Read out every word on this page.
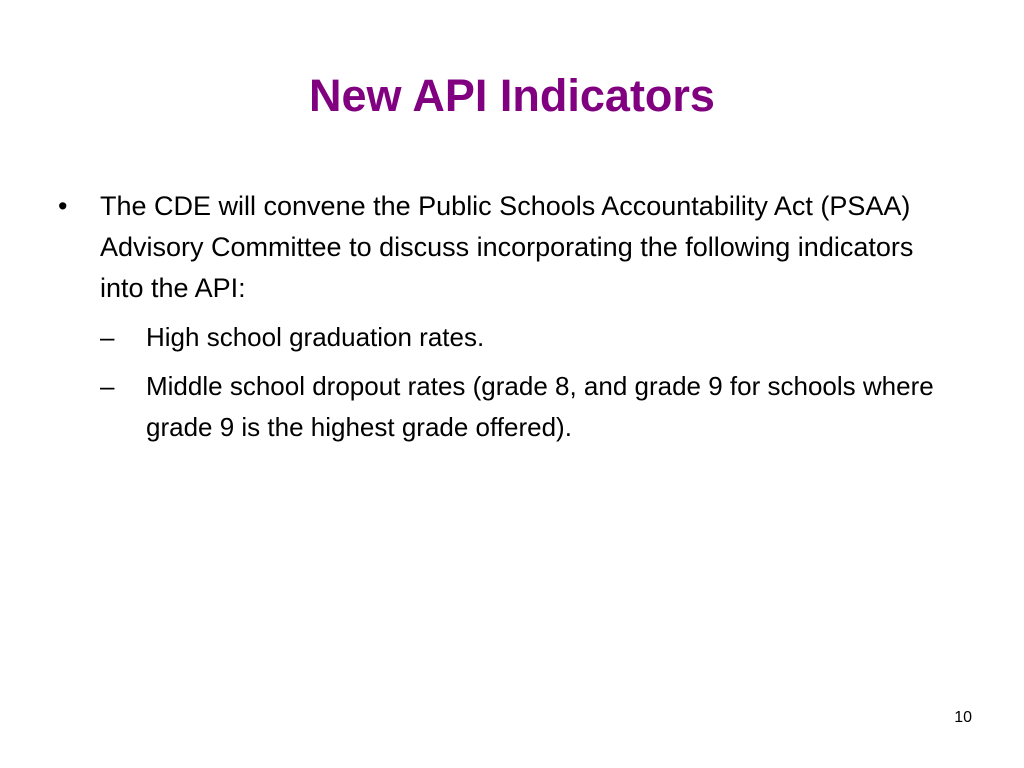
New API Indicators
•	The CDE will convene the Public Schools Accountability Act (PSAA) Advisory Committee to discuss incorporating the following indicators into the API:
–	High school graduation rates.
–	Middle school dropout rates (grade 8, and grade 9 for schools where grade 9 is the highest grade offered).
10
